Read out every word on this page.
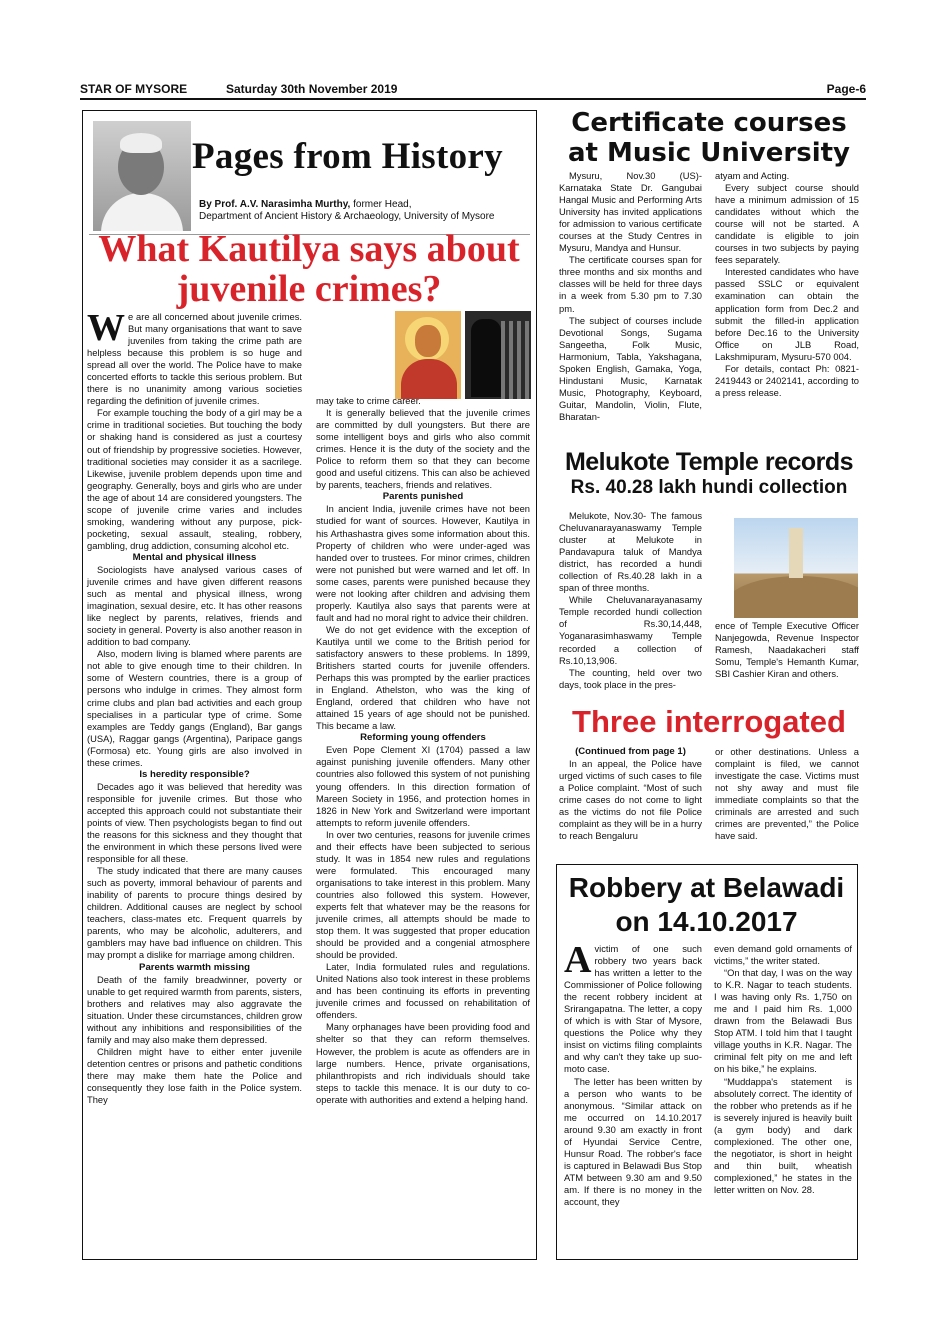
STAR OF MYSORE	Saturday 30th November 2019	Page-6
Pages from History
By Prof. A.V. Narasimha Murthy, former Head,
Department of Ancient History & Archaeology, University of Mysore
What Kautilya says about
juvenile crimes?
W e are all concerned about juvenile crimes. But many organisations that want to save juveniles from taking the crime path are helpless because this problem is so huge and spread all over the world. The Police have to make concerted efforts to tackle this serious problem. But there is no unanimity among various societies regarding the definition of juvenile crimes.

For example touching the body of a girl may be a crime in traditional societies. But touching the body or shaking hand is considered as just a courtesy out of friendship by progressive societies. However, traditional societies may consider it as a sacrilege. Likewise, juvenile problem depends upon time and geography. Generally, boys and girls who are under the age of about 14 are considered youngsters. The scope of juvenile crime varies and includes smoking, wandering without any purpose, pick-pocketing, sexual assault, stealing, robbery, gambling, drug addiction, consuming alcohol etc.

Mental and physical illness

Sociologists have analysed various cases of juvenile crimes and have given different reasons such as mental and physical illness, wrong imagination, sexual desire, etc. It has other reasons like neglect by parents, relatives, friends and society in general. Poverty is also another reason in addition to bad company.

Also, modern living is blamed where parents are not able to give enough time to their children. In some of Western countries, there is a group of persons who indulge in crimes. They almost form crime clubs and plan bad activities and each group specialises in a particular type of crime. Some examples are Teddy gangs (England), Bar gangs (USA), Raggar gangs (Argentina), Paripace gangs (Formosa) etc. Young girls are also involved in these crimes.

Is heredity responsible?

Decades ago it was believed that heredity was responsible for juvenile crimes. But those who accepted this approach could not substantiate their points of view. Then psychologists began to find out the reasons for this sickness and they thought that the environment in which these persons lived were responsible for all these.

The study indicated that there are many causes such as poverty, immoral behaviour of parents and inability of parents to procure things desired by children. Additional causes are neglect by school teachers, class-mates etc. Frequent quarrels by parents, who may be alcoholic, adulterers, and gamblers may have bad influence on children. This may prompt a dislike for marriage among children.

Parents warmth missing

Death of the family breadwinner, poverty or unable to get required warmth from parents, sisters, brothers and relatives may also aggravate the situation. Under these circumstances, children grow without any inhibitions and responsibilities of the family and may also make them depressed.

Children might have to either enter juvenile detention centres or prisons and pathetic conditions there may make them hate the Police and consequently they lose faith in the Police system. They

may take to crime career.

It is generally believed that the juvenile crimes are committed by dull youngsters. But there are some intelligent boys and girls who also commit crimes. Hence it is the duty of the society and the Police to reform them so that they can become good and useful citizens. This can also be achieved by parents, teachers, friends and relatives.

Parents punished

In ancient India, juvenile crimes have not been studied for want of sources. However, Kautilya in his Arthashastra gives some information about this. Property of children who were under-aged was handed over to trustees. For minor crimes, children were not punished but were warned and let off. In some cases, parents were punished because they were not looking after children and advising them properly. Kautilya also says that parents were at fault and had no moral right to advice their children.

We do not get evidence with the exception of Kautilya until we come to the British period for satisfactory answers to these problems. In 1899, Britishers started courts for juvenile offenders. Perhaps this was prompted by the earlier practices in England. Athelston, who was the king of England, ordered that children who have not attained 15 years of age should not be punished. This became a law.

Reforming young offenders

Even Pope Clement XI (1704) passed a law against punishing juvenile offenders. Many other countries also followed this system of not punishing young offenders. In this direction formation of Mareen Society in 1956, and protection homes in 1826 in New York and Switzerland were important attempts to reform juvenile offenders.

In over two centuries, reasons for juvenile crimes and their effects have been subjected to serious study. It was in 1854 new rules and regulations were formulated. This encouraged many organisations to take interest in this problem. Many countries also followed this system. However, experts felt that whatever may be the reasons for juvenile crimes, all attempts should be made to stop them. It was suggested that proper education should be provided and a congenial atmosphere should be provided.

Later, India formulated rules and regulations. United Nations also took interest in these problems and has been continuing its efforts in preventing juvenile crimes and focussed on rehabilitation of offenders.

Many orphanages have been providing food and shelter so that they can reform themselves. However, the problem is acute as offenders are in large numbers. Hence, private organisations, philanthropists and rich individuals should take steps to tackle this menace. It is our duty to co-operate with authorities and extend a helping hand.

Certificate courses
at Music University

Mysuru, Nov.30 (US)- Karnataka State Dr. Gangubai Hangal Music and Performing Arts University has invited applications for admission to various certificate courses at the Study Centres in Mysuru, Mandya and Hunsur.

The certificate courses span for three months and six months and classes will be held for three days in a week from 5.30 pm to 7.30 pm.

The subject of courses include Devotional Songs, Sugama Sangeetha, Folk Music, Harmonium, Tabla, Yakshagana, Spoken English, Gamaka, Yoga, Hindustani Music, Karnatak Music, Photography, Keyboard, Guitar, Mandolin, Violin, Flute, Bharatan-

atyam and Acting.

Every subject course should have a minimum admission of 15 candidates without which the course will not be started. A candidate is eligible to join courses in two subjects by paying fees separately.

Interested candidates who have passed SSLC or equivalent examination can obtain the application form from Dec.2 and submit the filled-in application before Dec.16 to the University Office on JLB Road, Lakshmipuram, Mysuru-570 004.

For details, contact Ph: 0821-2419443 or 2402141, according to a press release.

Melukote Temple records
Rs. 40.28 lakh hundi collection

Melukote, Nov.30- The famous Cheluvanarayanaswamy Temple cluster at Melukote in Pandavapura taluk of Mandya district, has recorded a hundi collection of Rs.40.28 lakh in a span of three months.

While Cheluvanarayanasamy Temple recorded hundi collection of Rs.30,14,448, Yoganarasimhaswamy Temple recorded a collection of Rs.10,13,906.

The counting, held over two days, took place in the pres-

ence of Temple Executive Officer Nanjegowda, Revenue Inspector Ramesh, Naadakacheri staff Somu, Temple's Hemanth Kumar, SBI Cashier Kiran and others.

Three interrogated
(Continued from page 1)

In an appeal, the Police have urged victims of such cases to file a Police complaint. “Most of such crime cases do not come to light as the victims do not file Police complaint as they will be in a hurry to reach Bengaluru

or other destinations. Unless a complaint is filed, we cannot investigate the case. Victims must not shy away and must file immediate complaints so that the criminals are arrested and such crimes are prevented,” the Police have said.

Robbery at Belawadi
on 14.10.2017
A victim of one such robbery two years back has written a letter to the Commissioner of Police following the recent robbery incident at Srirangapatna. The letter, a copy of which is with Star of Mysore, questions the Police why they insist on victims filing complaints and why can't they take up suo-moto case.

The letter has been written by a person who wants to be anonymous. “Similar attack on me occurred on 14.10.2017 around 9.30 am exactly in front of Hyundai Service Centre, Hunsur Road. The robber's face is captured in Belawadi Bus Stop ATM between 9.30 am and 9.50 am. If there is no money in the account, they

even demand gold ornaments of victims,” the writer stated.

“On that day, I was on the way to K.R. Nagar to teach students. I was having only Rs. 1,750 on me and I paid him Rs. 1,000 drawn from the Belawadi Bus Stop ATM. I told him that I taught village youths in K.R. Nagar. The criminal felt pity on me and left on his bike,” he explains.

“Muddappa's statement is absolutely correct. The identity of the robber who pretends as if he is severely injured is heavily built (a gym body) and dark complexioned. The other one, the negotiator, is short in height and thin built, wheatish complexioned,” he states in the letter written on Nov. 28.
